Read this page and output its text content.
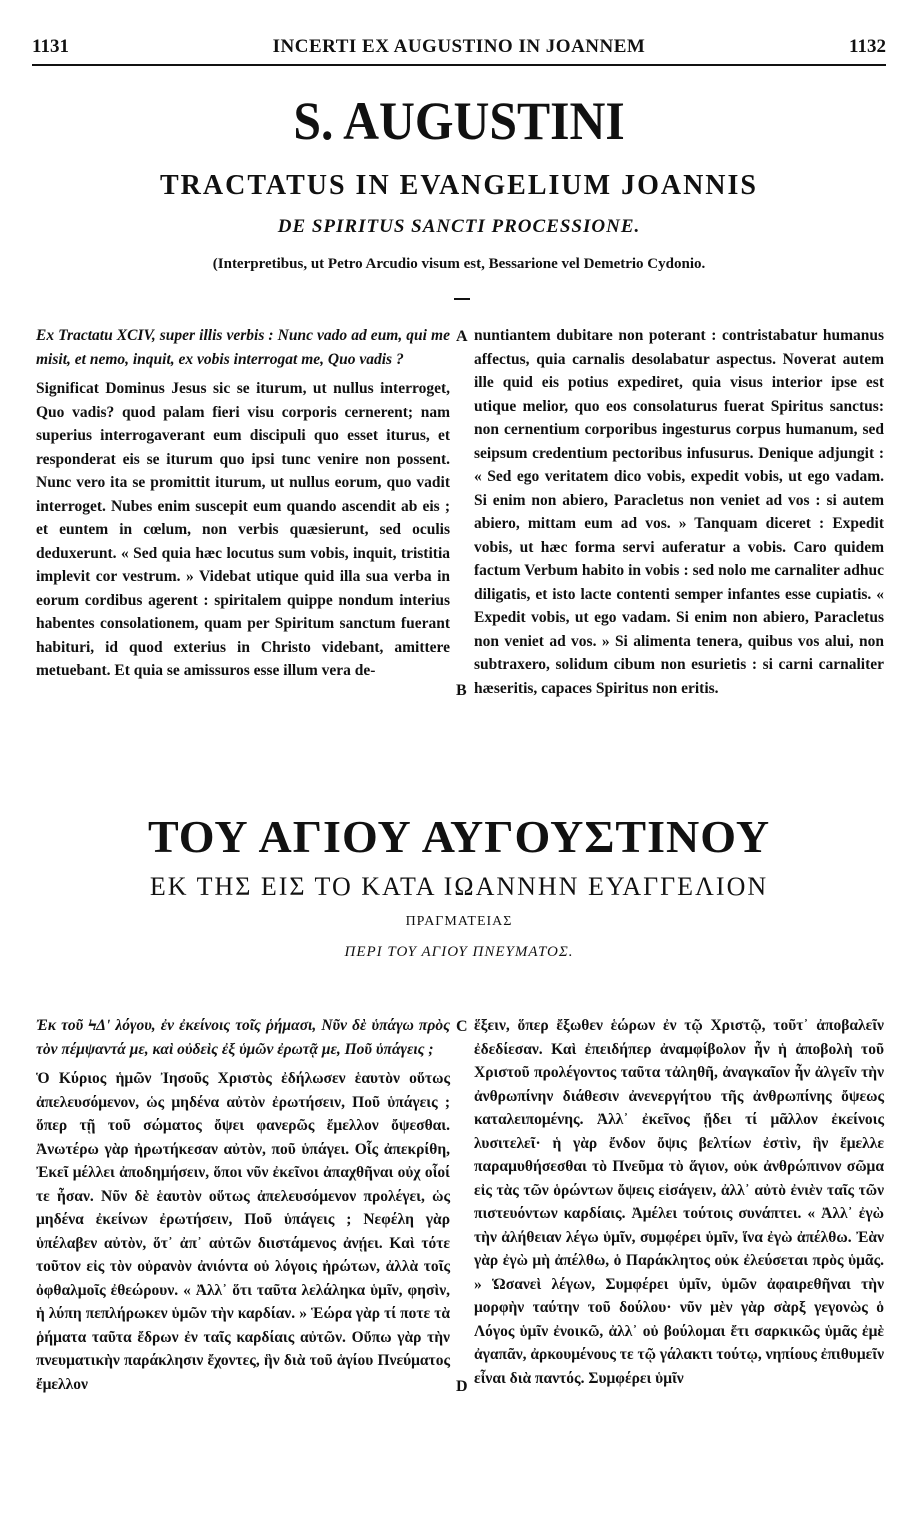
1131	INCERTI EX AUGUSTINO IN JOANNEM	1132
S. AUGUSTINI
TRACTATUS IN EVANGELIUM JOANNIS
DE SPIRITUS SANCTI PROCESSIONE.
(Interpretibus, ut Petro Arcudio visum est, Bessarione vel Demetrio Cydonio.

Ex Tractatu XCIV, super illis verbis : Nunc vado ad eum, qui me misit, et nemo, inquit, ex vobis interrogat me, Quo vadis ?

Significat Dominus Jesus sic se iturum, ut nullus interroget, Quo vadis? quod palam fieri visu corporis cernerent; nam superius interrogaverant eum discipuli quo esset iturus, et responderat eis se iturum quo ipsi tunc venire non possent. Nunc vero ita se promittit iturum, ut nullus eorum, quo vadit interroget. Nubes enim suscepit eum quando ascendit ab eis ; et euntem in cœlum, non verbis quæsierunt, sed oculis deduxerunt. « Sed quia hæc locutus sum vobis, inquit, tristitia implevit cor vestrum. » Videbat utique quid illa sua verba in eorum cordibus agerent : spiritalem quippe nondum interius habentes consolationem, quam per Spiritum sanctum fuerant habituri, id quod exterius in Christo videbant, amittere metuebant. Et quia se amissuros esse illum vera de-

nuntiantem dubitare non poterant : contristabatur humanus affectus, quia carnalis desolabatur aspectus. Noverat autem ille quid eis potius expediret, quia visus interior ipse est utique melior, quo eos consolaturus fuerat Spiritus sanctus: non cernentium corporibus ingesturus corpus humanum, sed seipsum credentium pectoribus infusurus. Denique adjungit : « Sed ego veritatem dico vobis, expedit vobis, ut ego vadam. Si enim non abiero, Paracletus non veniet ad vos : si autem abiero, mittam eum ad vos. » Tanquam diceret : Expedit vobis, ut hæc forma servi auferatur a vobis. Caro quidem factum Verbum habito in vobis : sed nolo me carnaliter adhuc diligatis, et isto lacte contenti semper infantes esse cupiatis. « Expedit vobis, ut ego vadam. Si enim non abiero, Paracletus non veniet ad vos. » Si alimenta tenera, quibus vos alui, non subtraxero, solidum cibum non esurietis : si carni carnaliter hæseritis, capaces Spiritus non eritis.

A
B
ΤΟΥ ΑΓΙΟΥ ΑΥΓΟΥΣΤΙΝΟΥ
ΕΚ ΤΗΣ ΕΙΣ ΤΟ ΚΑΤΑ ΙΩΑΝΝΗΝ ΕΥΑΓΓΕΛΙΟΝ
ΠΡΑΓΜΑΤΕΙΑΣ
ΠΕΡΙ ΤΟΥ ΑΓΙΟΥ ΠΝΕΥΜΑΤΟΣ.

Ἐκ τοῦ ϞΔʹ λόγου, ἐν ἐκείνοις τοῖς ῥήμασι, Νῦν δὲ ὑπάγω πρὸς τὸν πέμψαντά με, καὶ οὐδεὶς ἐξ ὑμῶν ἐρωτᾷ με, Ποῦ ὑπάγεις ;

Ὁ Κύριος ἡμῶν Ἰησοῦς Χριστὸς ἐδήλωσεν ἑαυτὸν οὕτως ἀπελευσόμενον, ὡς μηδένα αὐτὸν ἐρωτήσειν, Ποῦ ὑπάγεις ; ὅπερ τῇ τοῦ σώματος ὄψει φανερῶς ἔμελλον ὄψεσθαι. Ἀνωτέρω γὰρ ἠρωτήκεσαν αὐτὸν, ποῦ ὑπάγει. Οἷς ἀπεκρίθη, Ἐκεῖ μέλλει ἀποδημήσειν, ὅποι νῦν ἐκεῖνοι ἀπαχθῆναι οὐχ οἷοί τε ἦσαν. Νῦν δὲ ἑαυτὸν οὕτως ἀπελευσόμενον προλέγει, ὡς μηδένα ἐκείνων ἐρωτήσειν, Ποῦ ὑπάγεις ; Νεφέλη γὰρ ὑπέλαβεν αὐτὸν, ὅτ᾽ ἀπ᾽ αὐτῶν διιστάμενος ἀνῄει. Καὶ τότε τοῦτον εἰς τὸν οὐρανὸν ἀνιόντα οὐ λόγοις ἠρώτων, ἀλλὰ τοῖς ὀφθαλμοῖς ἐθεώρουν. « Ἀλλ᾽ ὅτι ταῦτα λελάληκα ὑμῖν, φησὶν, ἡ λύπη πεπλήρωκεν ὑμῶν τὴν καρδίαν. » Ἑώρα γὰρ τί ποτε τὰ ῥήματα ταῦτα ἔδρων ἐν ταῖς καρδίαις αὐτῶν. Οὔπω γὰρ τὴν πνευματικὴν παράκλησιν ἔχοντες, ἣν διὰ τοῦ ἁγίου Πνεύματος ἔμελλον

ἕξειν, ὅπερ ἔξωθεν ἑώρων ἐν τῷ Χριστῷ, τοῦτ᾽ ἀποβαλεῖν ἐδεδίεσαν. Καὶ ἐπειδήπερ ἀναμφίβολον ἦν ἡ ἀποβολὴ τοῦ Χριστοῦ προλέγοντος ταῦτα τἀληθῆ, ἀναγκαῖον ἦν ἀλγεῖν τὴν ἀνθρωπίνην διάθεσιν ἀνενεργήτου τῆς ἀνθρωπίνης ὄψεως καταλειπομένης. Ἀλλ᾽ ἐκεῖνος ᾔδει τί μᾶλλον ἐκείνοις λυσιτελεῖ· ἡ γὰρ ἔνδον ὄψις βελτίων ἐστὶν, ἣν ἔμελλε παραμυθήσεσθαι τὸ Πνεῦμα τὸ ἅγιον, οὐκ ἀνθρώπινον σῶμα εἰς τὰς τῶν ὁρώντων ὄψεις εἰσάγειν, ἀλλ᾽ αὐτὸ ἐνιὲν ταῖς τῶν πιστευόντων καρδίαις. Ἀμέλει τούτοις συνάπτει. « Ἀλλ᾽ ἐγὼ τὴν ἀλήθειαν λέγω ὑμῖν, συμφέρει ὑμῖν, ἵνα ἐγὼ ἀπέλθω. Ἐὰν γὰρ ἐγὼ μὴ ἀπέλθω, ὁ Παράκλητος οὐκ ἐλεύσεται πρὸς ὑμᾶς. » Ὡσανεὶ λέγων, Συμφέρει ὑμῖν, ὑμῶν ἀφαιρεθῆναι τὴν μορφὴν ταύτην τοῦ δούλου· νῦν μὲν γὰρ σὰρξ γεγονὼς ὁ Λόγος ὑμῖν ἐνοικῶ, ἀλλ᾽ οὐ βούλομαι ἔτι σαρκικῶς ὑμᾶς ἐμὲ ἀγαπᾶν, ἀρκουμένους τε τῷ γάλακτι τούτῳ, νηπίους ἐπιθυμεῖν εἶναι διὰ παντός. Συμφέρει ὑμῖν

C
D
